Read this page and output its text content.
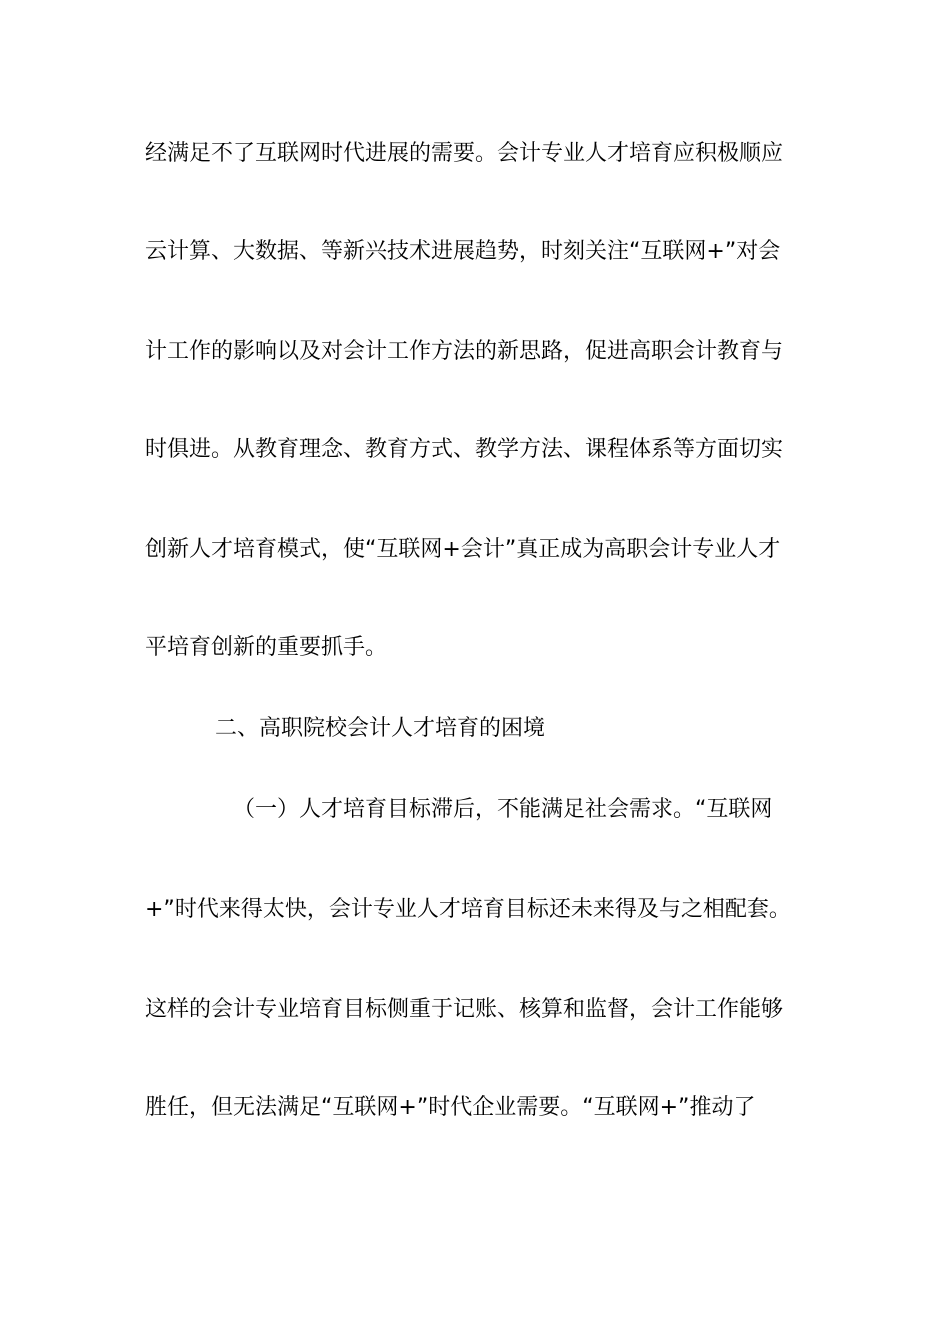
经满足不了互联网时代进展的需要。会计专业人才培育应积极顺应
云计算、大数据、等新兴技术进展趋势，时刻关注“互联网+”对会
计工作的影响以及对会计工作方法的新思路，促进高职会计教育与
时俱进。从教育理念、教育方式、教学方法、课程体系等方面切实
创新人才培育模式，使“互联网+会计”真正成为高职会计专业人才
平培育创新的重要抓手。
二、高职院校会计人才培育的困境
（一）人才培育目标滞后，不能满足社会需求。“互联网
+”时代来得太快，会计专业人才培育目标还未来得及与之相配套。
这样的会计专业培育目标侧重于记账、核算和监督，会计工作能够
胜任，但无法满足“互联网+”时代企业需要。“互联网+”推动了
